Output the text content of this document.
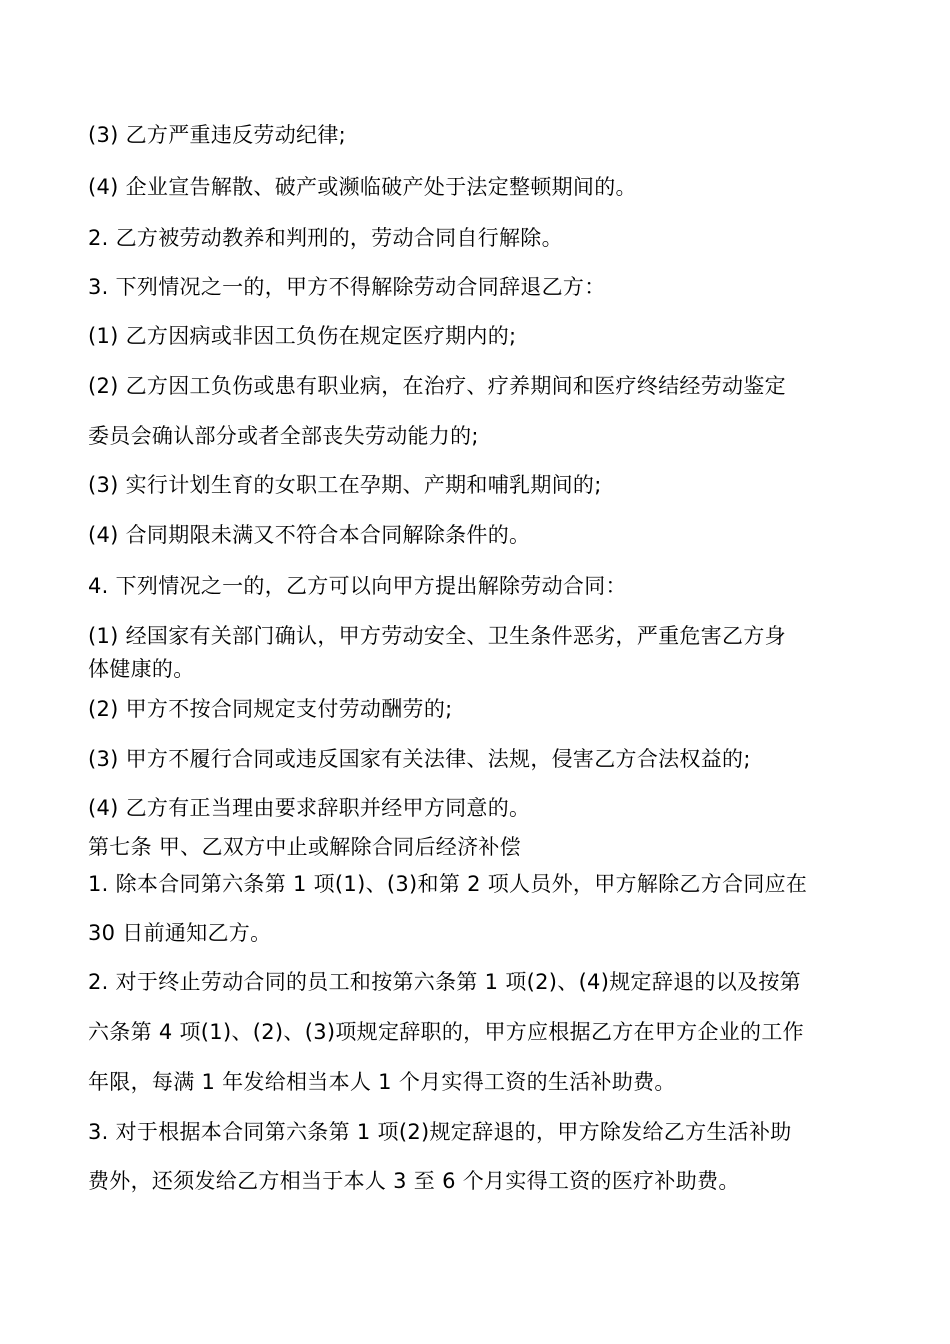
(3) 乙方严重违反劳动纪律;
(4) 企业宣告解散、破产或濒临破产处于法定整顿期间的。
2. 乙方被劳动教养和判刑的，劳动合同自行解除。
3. 下列情况之一的，甲方不得解除劳动合同辞退乙方：
(1) 乙方因病或非因工负伤在规定医疗期内的;
(2) 乙方因工负伤或患有职业病，在治疗、疗养期间和医疗终结经劳动鉴定
委员会确认部分或者全部丧失劳动能力的;
(3) 实行计划生育的女职工在孕期、产期和哺乳期间的;
(4) 合同期限未满又不符合本合同解除条件的。
4. 下列情况之一的，乙方可以向甲方提出解除劳动合同：
(1) 经国家有关部门确认，甲方劳动安全、卫生条件恶劣，严重危害乙方身
体健康的。
(2) 甲方不按合同规定支付劳动酬劳的;
(3) 甲方不履行合同或违反国家有关法律、法规，侵害乙方合法权益的;
(4) 乙方有正当理由要求辞职并经甲方同意的。
第七条 甲、乙双方中止或解除合同后经济补偿
1. 除本合同第六条第 1 项(1)、(3)和第 2 项人员外，甲方解除乙方合同应在
30 日前通知乙方。
2. 对于终止劳动合同的员工和按第六条第 1 项(2)、(4)规定辞退的以及按第
六条第 4 项(1)、(2)、(3)项规定辞职的，甲方应根据乙方在甲方企业的工作
年限，每满 1 年发给相当本人 1 个月实得工资的生活补助费。
3. 对于根据本合同第六条第 1 项(2)规定辞退的，甲方除发给乙方生活补助
费外，还须发给乙方相当于本人 3 至 6 个月实得工资的医疗补助费。
